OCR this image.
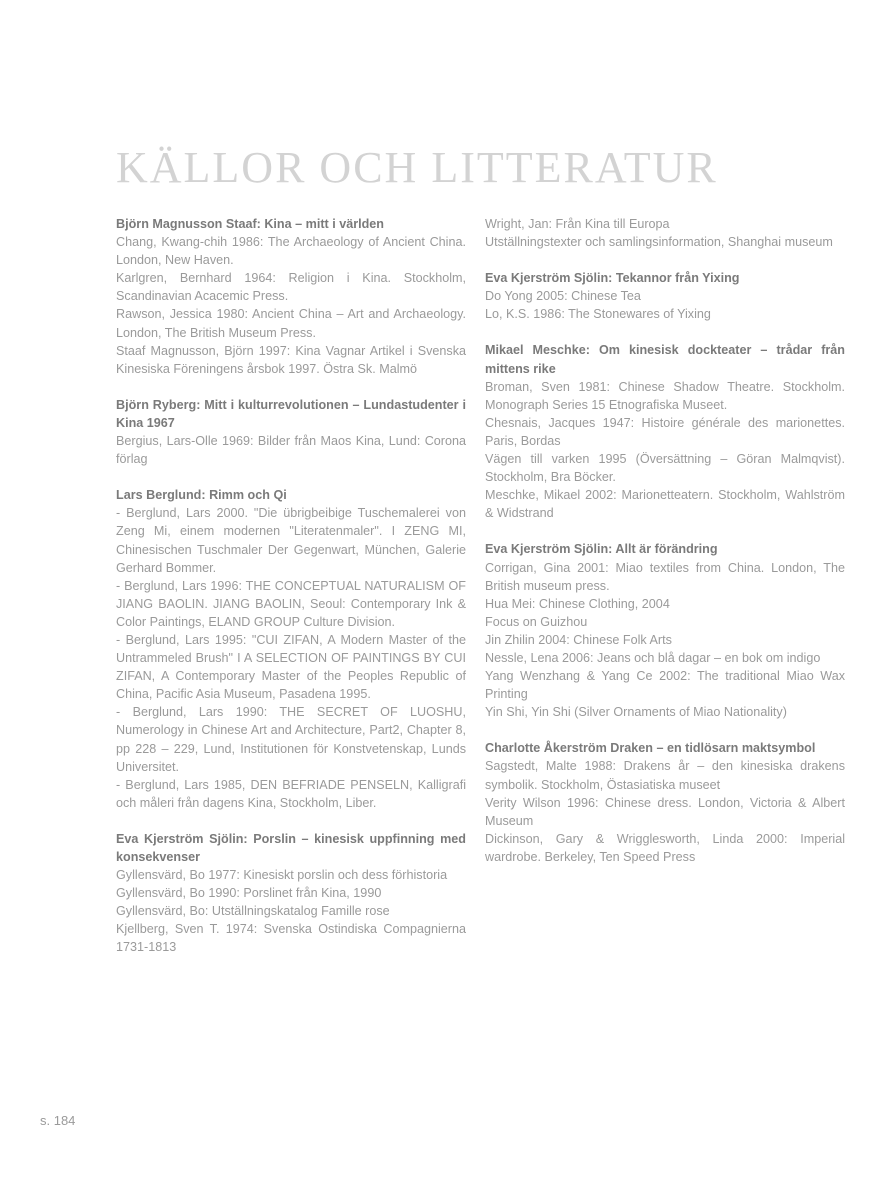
KÄLLOR OCH LITTERATUR

Björn Magnusson Staaf: Kina – mitt i världen

Chang, Kwang-chih 1986: The Archaeology of Ancient China. London, New Haven.

Karlgren, Bernhard 1964: Religion i Kina. Stockholm, Scandinavian Acacemic Press.

Rawson, Jessica 1980: Ancient China – Art and Archaeology. London, The British Museum Press.

Staaf Magnusson, Björn 1997: Kina Vagnar Artikel i Svenska Kinesiska Föreningens årsbok 1997. Östra Sk. Malmö

Björn Ryberg: Mitt i kulturrevolutionen – Lundastudenter i Kina 1967

Bergius, Lars-Olle 1969: Bilder från Maos Kina, Lund: Corona förlag

Lars Berglund: Rimm och Qi

- Berglund, Lars 2000. "Die übrigbeibige Tuschemalerei von Zeng Mi, einem modernen "Literatenmaler". I ZENG MI, Chinesischen Tuschmaler Der Gegenwart, München, Galerie Gerhard Bommer.

- Berglund, Lars 1996: THE CONCEPTUAL NATURALISM OF JIANG BAOLIN. JIANG BAOLIN, Seoul: Contemporary Ink & Color Paintings, ELAND GROUP Culture Division.

- Berglund, Lars 1995: "CUI ZIFAN, A Modern Master of the Untrammeled Brush" I A SELECTION OF PAINTINGS BY CUI ZIFAN, A Contemporary Master of the Peoples Republic of China, Pacific Asia Museum, Pasadena 1995.

- Berglund, Lars 1990: THE SECRET OF LUOSHU, Numerology in Chinese Art and Architecture, Part2, Chapter 8, pp 228 – 229, Lund, Institutionen för Konstvetenskap, Lunds Universitet.

- Berglund, Lars 1985, DEN BEFRIADE PENSELN, Kalligrafi och måleri från dagens Kina, Stockholm, Liber.

Eva Kjerström Sjölin: Porslin – kinesisk uppfinning med konsekvenser

Gyllensvärd, Bo 1977: Kinesiskt porslin och dess förhistoria

Gyllensvärd, Bo 1990: Porslinet från Kina, 1990

Gyllensvärd, Bo: Utställningskatalog Famille rose

Kjellberg, Sven T. 1974: Svenska Ostindiska Compagnierna 1731-1813

Wright, Jan: Från Kina till Europa

Utställningstexter och samlingsinformation, Shanghai museum

Eva Kjerström Sjölin: Tekannor från Yixing

Do Yong 2005: Chinese Tea

Lo, K.S. 1986: The Stonewares of Yixing

Mikael Meschke: Om kinesisk dockteater – trådar från mittens rike

Broman, Sven 1981: Chinese Shadow Theatre. Stockholm. Monograph Series 15 Etnografiska Museet.

Chesnais, Jacques 1947: Histoire générale des marionettes. Paris, Bordas

Vägen till varken 1995 (Översättning – Göran Malmqvist). Stockholm, Bra Böcker.

Meschke, Mikael 2002: Marionetteatern. Stockholm, Wahlström & Widstrand

Eva Kjerström Sjölin: Allt är förändring

Corrigan, Gina 2001: Miao textiles from China. London, The British museum press.

Hua Mei: Chinese Clothing, 2004

Focus on Guizhou

Jin Zhilin 2004: Chinese Folk Arts

Nessle, Lena 2006: Jeans och blå dagar – en bok om indigo

Yang Wenzhang & Yang Ce 2002: The traditional Miao Wax Printing

Yin Shi, Yin Shi (Silver Ornaments of Miao Nationality)

Charlotte Åkerström Draken – en tidlösarn maktsymbol

Sagstedt, Malte 1988: Drakens år – den kinesiska drakens symbolik. Stockholm, Östasiatiska museet

Verity Wilson 1996: Chinese dress. London, Victoria & Albert Museum

Dickinson, Gary & Wrigglesworth, Linda 2000: Imperial wardrobe. Berkeley, Ten Speed Press

s. 184
